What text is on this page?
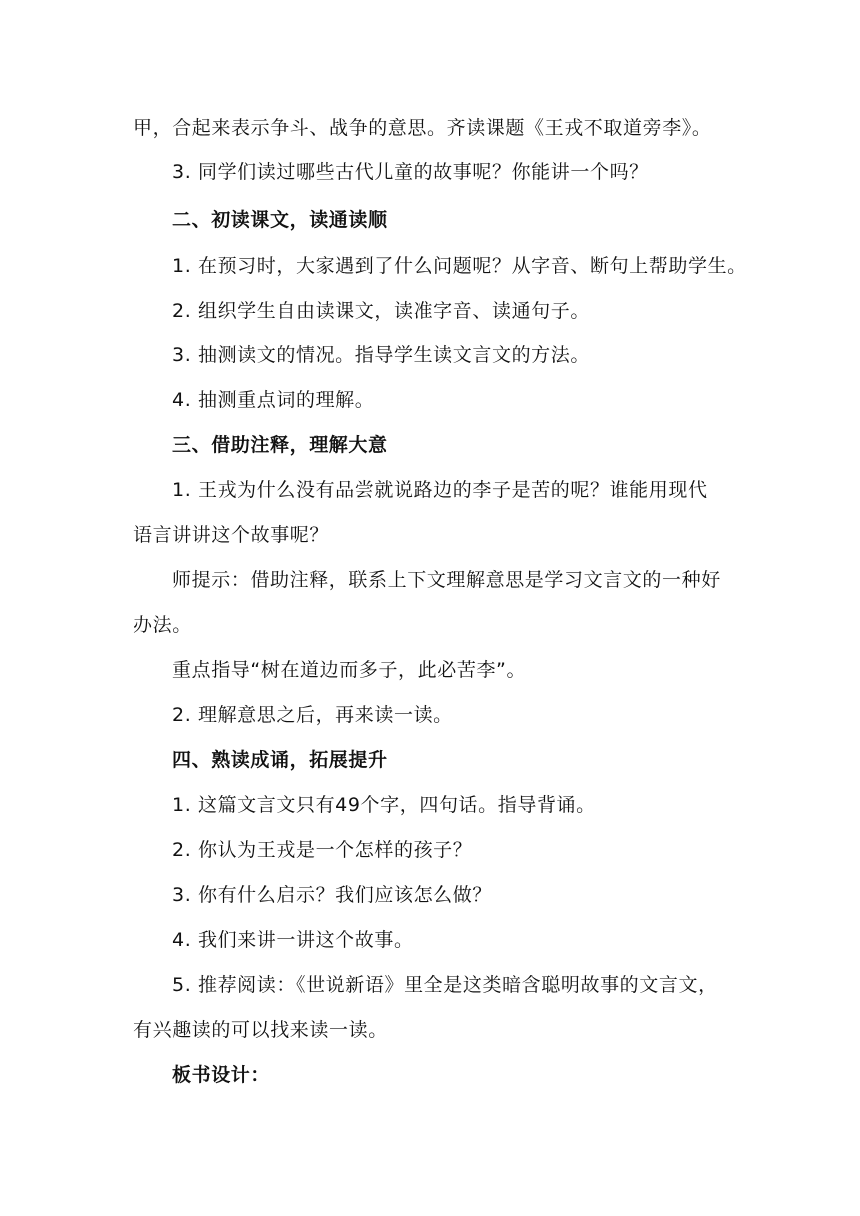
甲，合起来表示争斗、战争的意思。齐读课题《王戎不取道旁李》。
3. 同学们读过哪些古代儿童的故事呢？你能讲一个吗？
二、初读课文，读通读顺
1. 在预习时，大家遇到了什么问题呢？从字音、断句上帮助学生。
2. 组织学生自由读课文，读准字音、读通句子。
3. 抽测读文的情况。指导学生读文言文的方法。
4. 抽测重点词的理解。
三、借助注释，理解大意
1. 王戎为什么没有品尝就说路边的李子是苦的呢？谁能用现代
语言讲讲这个故事呢？
师提示：借助注释，联系上下文理解意思是学习文言文的一种好
办法。
重点指导“树在道边而多子，此必苦李”。
2. 理解意思之后，再来读一读。
四、熟读成诵，拓展提升
1. 这篇文言文只有49个字，四句话。指导背诵。
2. 你认为王戎是一个怎样的孩子？
3. 你有什么启示？我们应该怎么做？
4. 我们来讲一讲这个故事。
5. 推荐阅读：《世说新语》里全是这类暗含聪明故事的文言文，
有兴趣读的可以找来读一读。
板书设计：
